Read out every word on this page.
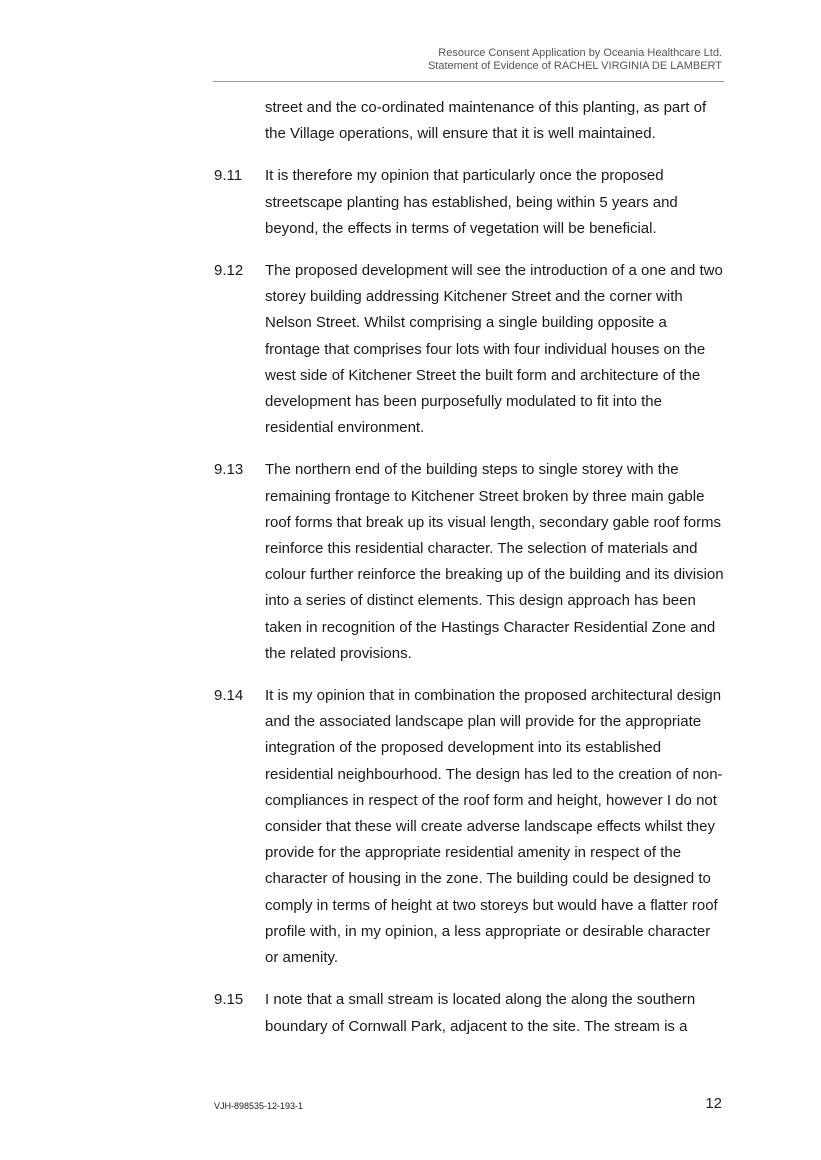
Resource Consent Application by Oceania Healthcare Ltd.
Statement of Evidence of RACHEL VIRGINIA DE LAMBERT
street and the co-ordinated maintenance of this planting, as part of the Village operations, will ensure that it is well maintained.
9.11 It is therefore my opinion that particularly once the proposed streetscape planting has established, being within 5 years and beyond, the effects in terms of vegetation will be beneficial.
9.12 The proposed development will see the introduction of a one and two storey building addressing Kitchener Street and the corner with Nelson Street. Whilst comprising a single building opposite a frontage that comprises four lots with four individual houses on the west side of Kitchener Street the built form and architecture of the development has been purposefully modulated to fit into the residential environment.
9.13 The northern end of the building steps to single storey with the remaining frontage to Kitchener Street broken by three main gable roof forms that break up its visual length, secondary gable roof forms reinforce this residential character. The selection of materials and colour further reinforce the breaking up of the building and its division into a series of distinct elements. This design approach has been taken in recognition of the Hastings Character Residential Zone and the related provisions.
9.14 It is my opinion that in combination the proposed architectural design and the associated landscape plan will provide for the appropriate integration of the proposed development into its established residential neighbourhood. The design has led to the creation of non-compliances in respect of the roof form and height, however I do not consider that these will create adverse landscape effects whilst they provide for the appropriate residential amenity in respect of the character of housing in the zone. The building could be designed to comply in terms of height at two storeys but would have a flatter roof profile with, in my opinion, a less appropriate or desirable character or amenity.
9.15 I note that a small stream is located along the along the southern boundary of Cornwall Park, adjacent to the site. The stream is a
VJH-898535-12-193-1	12
